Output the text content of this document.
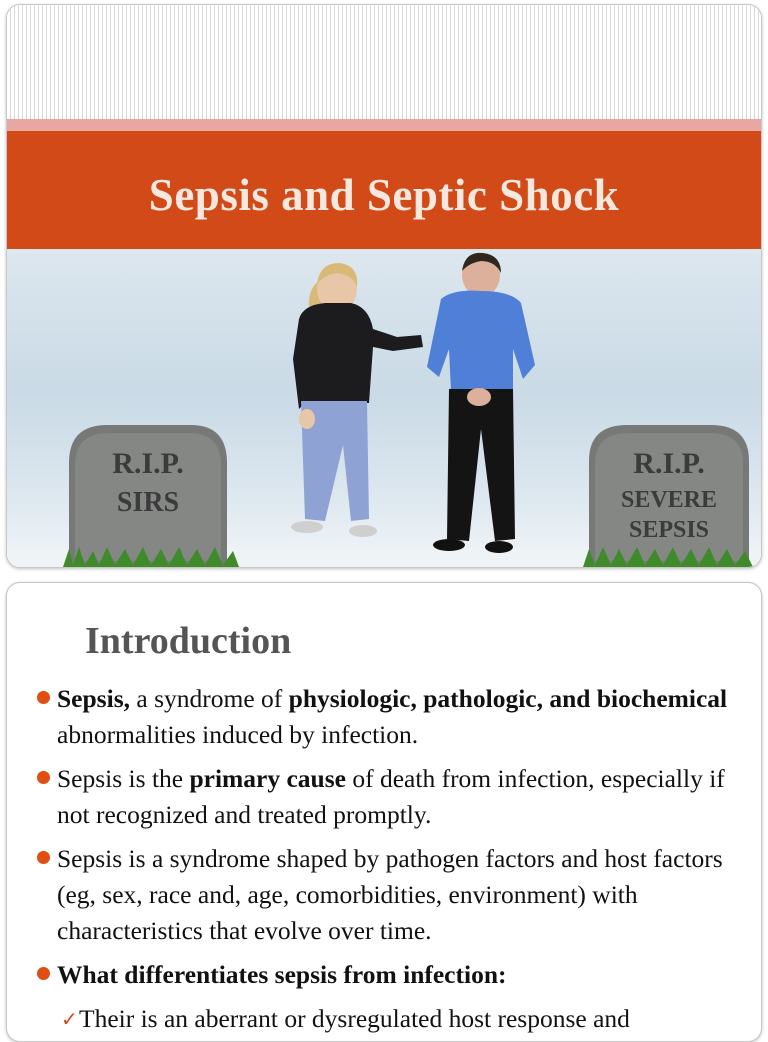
Sepsis and Septic Shock
R.I.P.
SIRS
R.I.P.
SEVERE
SEPSIS
Introduction
Sepsis, a syndrome of physiologic, pathologic, and biochemical abnormalities induced by infection.
Sepsis is the primary cause of death from infection, especially if not recognized and treated promptly.
Sepsis is a syndrome shaped by pathogen factors and host factors (eg, sex, race and, age, comorbidities, environment) with characteristics that evolve over time.
What differentiates sepsis from infection:
✓ Their is an aberrant or dysregulated host response and
